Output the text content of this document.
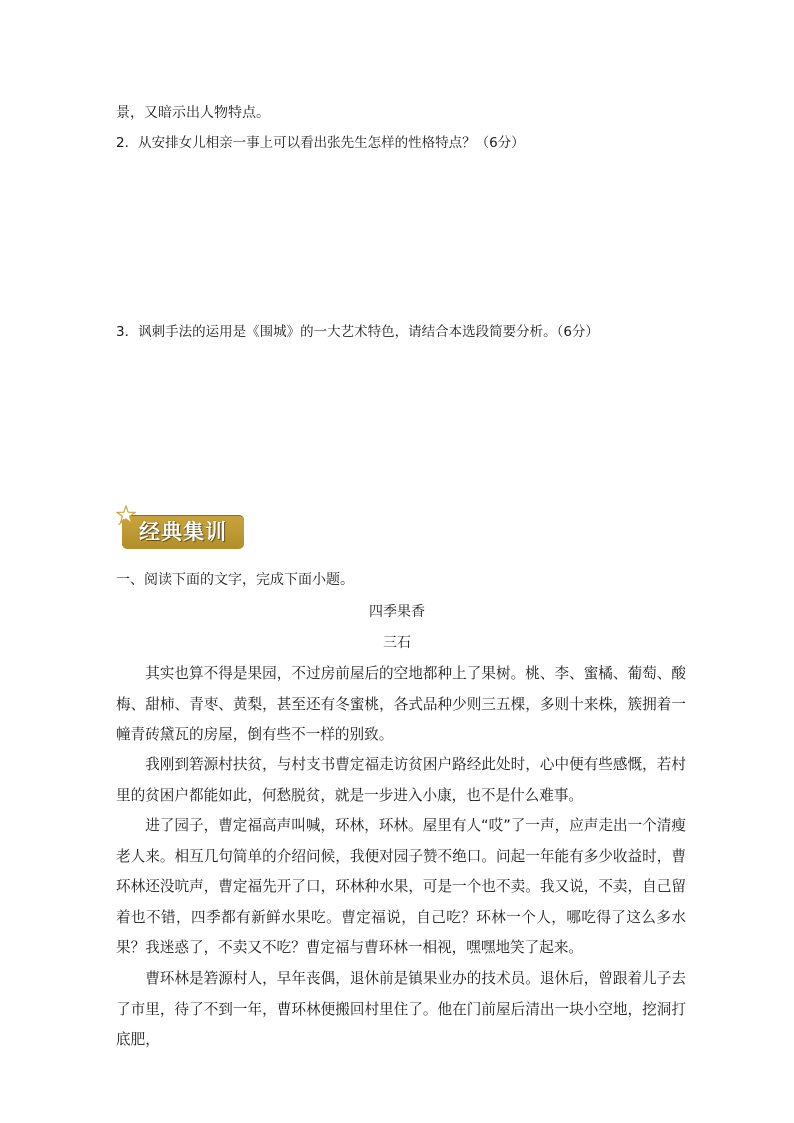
景，又暗示出人物特点。
2．从安排女儿相亲一事上可以看出张先生怎样的性格特点？（6分）
3．讽刺手法的运用是《围城》的一大艺术特色，请结合本选段简要分析。（6分）
经典集训
一、阅读下面的文字，完成下面小题。
四季果香
三石

其实也算不得是果园，不过房前屋后的空地都种上了果树。桃、李、蜜橘、葡萄、酸梅、甜柿、青枣、黄梨，甚至还有冬蜜桃，各式品种少则三五棵，多则十来株，簇拥着一幢青砖黛瓦的房屋，倒有些不一样的别致。

我刚到箬源村扶贫，与村支书曹定福走访贫困户路经此处时，心中便有些感慨，若村里的贫困户都能如此，何愁脱贫，就是一步进入小康，也不是什么难事。

进了园子，曹定福高声叫喊，环林，环林。屋里有人“哎”了一声，应声走出一个清瘦老人来。相互几句简单的介绍问候，我便对园子赞不绝口。问起一年能有多少收益时，曹环林还没吭声，曹定福先开了口，环林种水果，可是一个也不卖。我又说，不卖，自己留着也不错，四季都有新鲜水果吃。曹定福说，自己吃？环林一个人，哪吃得了这么多水果？我迷惑了，不卖又不吃？曹定福与曹环林一相视，嘿嘿地笑了起来。

曹环林是箬源村人，早年丧偶，退休前是镇果业办的技术员。退休后，曾跟着儿子去了市里，待了不到一年，曹环林便搬回村里住了。他在门前屋后清出一块小空地，挖洞打底肥，
